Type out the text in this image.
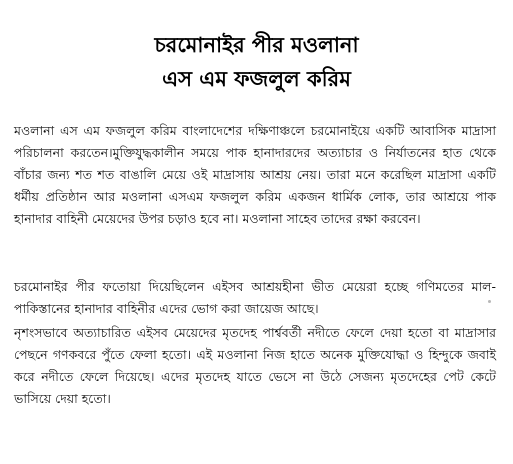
চরমোনাইর পীর মওলানা
এস এম ফজলুল করিম
মওলানা এস এম ফজলুল করিম বাংলাদেশের দক্ষিণাঞ্চলে চরমোনাইয়ে একটি আবাসিক মাদ্রাসা পরিচালনা করতেন।মুক্তিযুদ্ধকালীন সময়ে পাক হানাদারদের অত্যাচার ও নির্যাতনের হাত থেকে বাঁচার জন্য শত শত বাঙালি মেয়ে ওই মাদ্রাসায় আশ্রয় নেয়। তারা মনে করেছিল মাদ্রাসা একটি ধর্মীয় প্রতিষ্ঠান আর মওলানা এসএম ফজলুল করিম একজন ধার্মিক লোক, তার আশ্রয়ে পাক হানাদার বাহিনী মেয়েদের উপর চড়াও হবে না। মওলানা সাহেব তাদের রক্ষা করবেন।
চরমোনাইর পীর ফতোয়া দিয়েছিলেন এইসব আশ্রয়হীনা ভীত মেয়েরা হচ্ছে গণিমতের মাল-পাকিস্তানের হানাদার বাহিনীর এদের ভোগ করা জায়েজ আছে।
নৃশংসভাবে অত্যাচারিত এইসব মেয়েদের মৃতদেহ পার্শ্ববর্তী নদীতে ফেলে দেয়া হতো বা মাদ্রাসার পেছনে গণকবরে পুঁতে ফেলা হতো। এই মওলানা নিজ হাতে অনেক মুক্তিযোদ্ধা ও হিন্দুকে জবাই করে নদীতে ফেলে দিয়েছে। এদের মৃতদেহ যাতে ভেসে না উঠে সেজন্য মৃতদেহের পেট কেটে ভাসিয়ে দেয়া হতো।
